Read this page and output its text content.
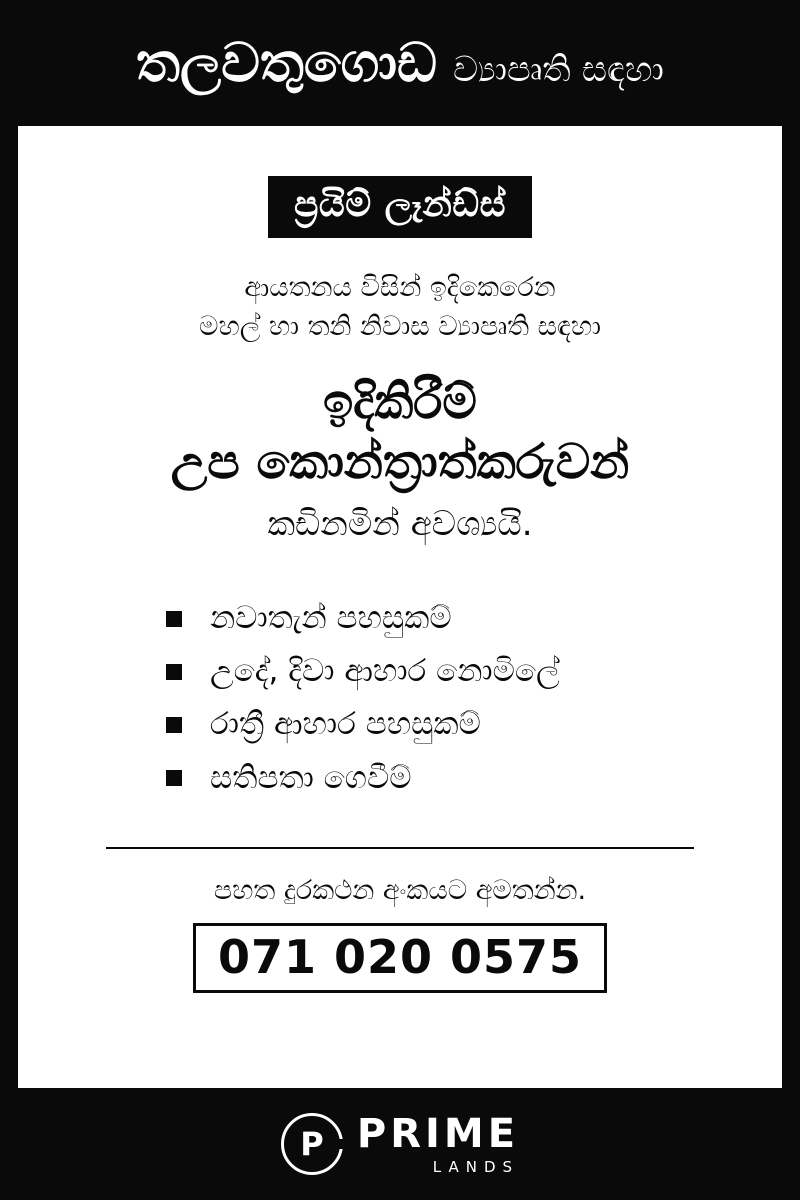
තලවතුගොඩ ව්‍යාපෘති සඳහා
ප්‍රයිම් ලෑන්ඩ්ස්
ආයතනය විසින් ඉදිකෙරෙන
මහල් හා තනි නිවාස ව්‍යාපෘති සඳහා
ඉදිකිරීම්
උප කොන්ත්‍රාත්කරුවන්
කඩිනමින් අවශ්‍යයි.
නවාතැන් පහසුකම්
උදේ, දිවා ආහාර නොමිලේ
රාත්‍රී ආහාර පහසුකම්
සතිපතා ගෙවීම්
පහත දුරකථන අංකයට අමතන්න.
071 020 0575
P
PRIME
LANDS
